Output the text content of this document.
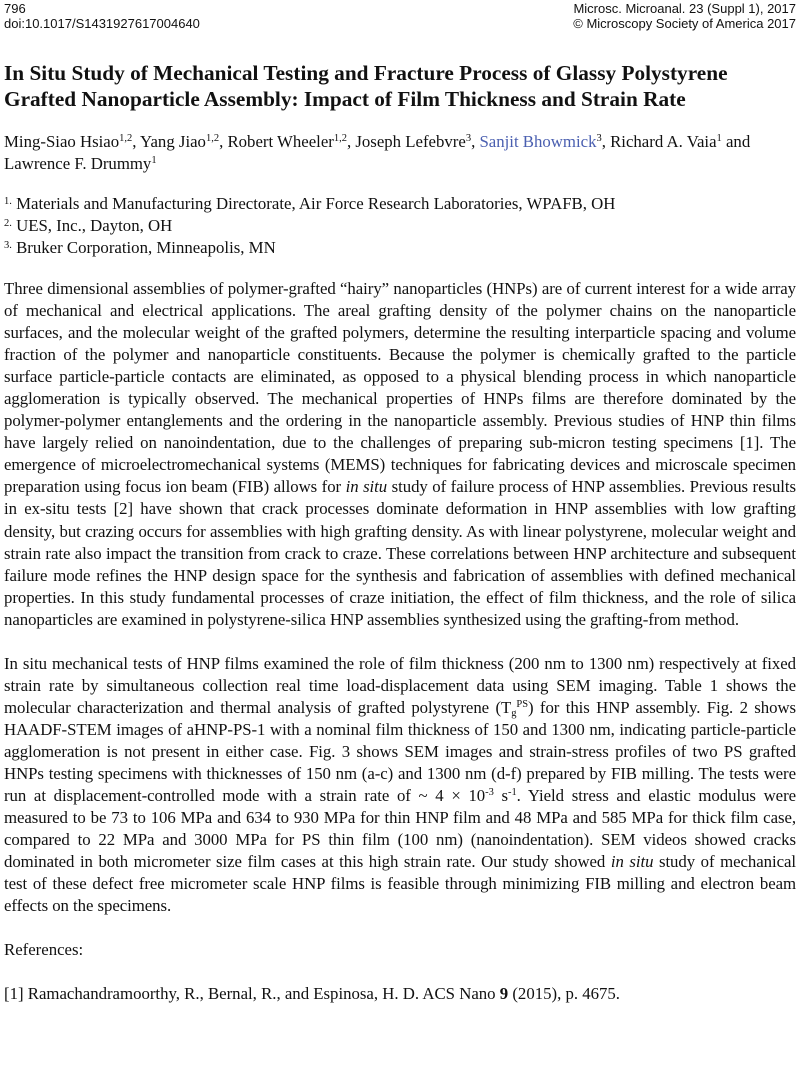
796
doi:10.1017/S1431927617004640
Microsc. Microanal. 23 (Suppl 1), 2017
© Microscopy Society of America 2017
In Situ Study of Mechanical Testing and Fracture Process of Glassy Polystyrene Grafted Nanoparticle Assembly: Impact of Film Thickness and Strain Rate
Ming-Siao Hsiao$^{1,2}$, Yang Jiao$^{1,2}$, Robert Wheeler$^{1,2}$, Joseph Lefebvre$^3$, Sanjit Bhowmick$^3$, Richard A. Vaia$^1$ and Lawrence F. Drummy$^1$
$^{1.}$ Materials and Manufacturing Directorate, Air Force Research Laboratories, WPAFB, OH
$^{2.}$ UES, Inc., Dayton, OH
$^{3.}$ Bruker Corporation, Minneapolis, MN

Three dimensional assemblies of polymer-grafted “hairy” nanoparticles (HNPs) are of current interest for a wide array of mechanical and electrical applications. The areal grafting density of the polymer chains on the nanoparticle surfaces, and the molecular weight of the grafted polymers, determine the resulting interparticle spacing and volume fraction of the polymer and nanoparticle constituents. Because the polymer is chemically grafted to the particle surface particle-particle contacts are eliminated, as opposed to a physical blending process in which nanoparticle agglomeration is typically observed. The mechanical properties of HNPs films are therefore dominated by the polymer-polymer entanglements and the ordering in the nanoparticle assembly. Previous studies of HNP thin films have largely relied on nanoindentation, due to the challenges of preparing sub-micron testing specimens [1]. The emergence of microelectromechanical systems (MEMS) techniques for fabricating devices and microscale specimen preparation using focus ion beam (FIB) allows for in situ study of failure process of HNP assemblies. Previous results in ex-situ tests [2] have shown that crack processes dominate deformation in HNP assemblies with low grafting density, but crazing occurs for assemblies with high grafting density. As with linear polystyrene, molecular weight and strain rate also impact the transition from crack to craze. These correlations between HNP architecture and subsequent failure mode refines the HNP design space for the synthesis and fabrication of assemblies with defined mechanical properties. In this study fundamental processes of craze initiation, the effect of film thickness, and the role of silica nanoparticles are examined in polystyrene-silica HNP assemblies synthesized using the grafting-from method.

In situ mechanical tests of HNP films examined the role of film thickness (200 nm to 1300 nm) respectively at fixed strain rate by simultaneous collection real time load-displacement data using SEM imaging. Table 1 shows the molecular characterization and thermal analysis of grafted polystyrene $(T_g^{PS})$ for this HNP assembly. Fig. 2 shows HAADF-STEM images of aHNP-PS-1 with a nominal film thickness of 150 and 1300 nm, indicating particle-particle agglomeration is not present in either case. Fig. 3 shows SEM images and strain-stress profiles of two PS grafted HNPs testing specimens with thicknesses of 150 nm (a-c) and 1300 nm (d-f) prepared by FIB milling. The tests were run at displacement-controlled mode with a strain rate of ~ $4 \times 10^{-3}$ $s^{-1}$. Yield stress and elastic modulus were measured to be 73 to 106 MPa and 634 to 930 MPa for thin HNP film and 48 MPa and 585 MPa for thick film case, compared to 22 MPa and 3000 MPa for PS thin film (100 nm) (nanoindentation). SEM videos showed cracks dominated in both micrometer size film cases at this high strain rate. Our study showed in situ study of mechanical test of these defect free micrometer scale HNP films is feasible through minimizing FIB milling and electron beam effects on the specimens.

References:
[1] Ramachandramoorthy, R., Bernal, R., and Espinosa, H. D. ACS Nano 9 (2015), p. 4675.
